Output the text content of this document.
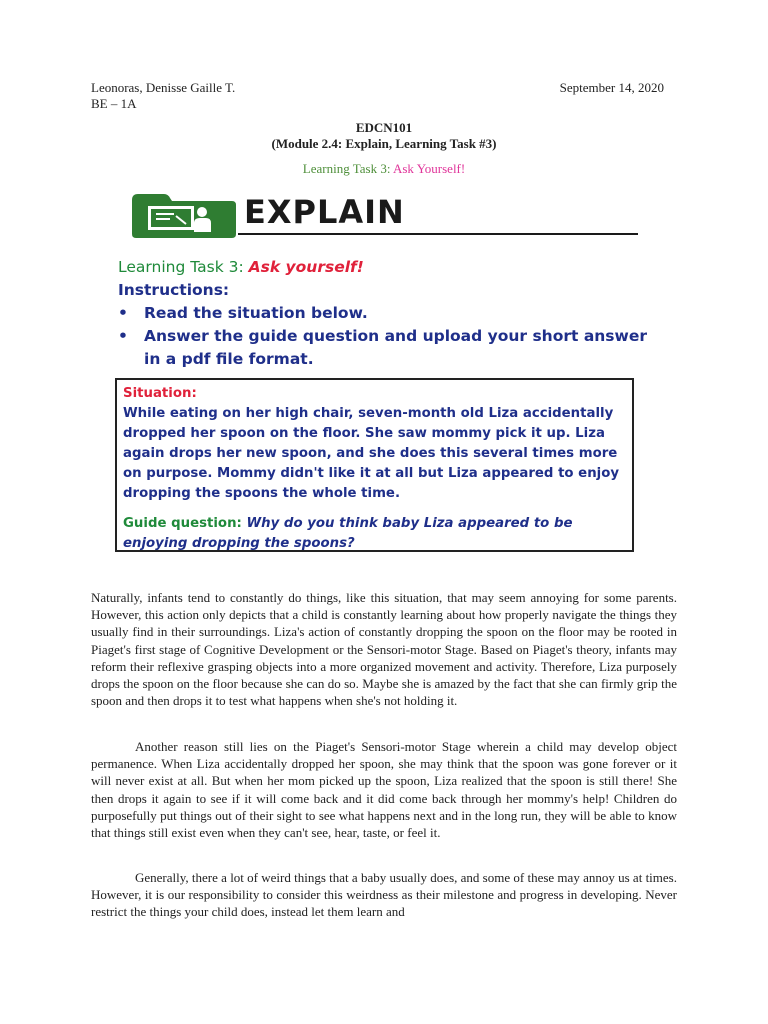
Leonoras, Denisse Gaille T.	September 14, 2020
BE – 1A
EDCN101
(Module 2.4: Explain, Learning Task #3)
Learning Task 3: Ask Yourself!
EXPLAIN
Learning Task 3: Ask yourself!
Instructions:
• Read the situation below.
• Answer the guide question and upload your short answer in a pdf file format.
Situation:
While eating on her high chair, seven-month old Liza accidentally dropped her spoon on the floor. She saw mommy pick it up. Liza again drops her new spoon, and she does this several times more on purpose. Mommy didn't like it at all but Liza appeared to enjoy dropping the spoons the whole time.
Guide question: Why do you think baby Liza appeared to be enjoying dropping the spoons?
Naturally, infants tend to constantly do things, like this situation, that may seem annoying for some parents. However, this action only depicts that a child is constantly learning about how properly navigate the things they usually find in their surroundings. Liza's action of constantly dropping the spoon on the floor may be rooted in Piaget's first stage of Cognitive Development or the Sensori-motor Stage. Based on Piaget's theory, infants may reform their reflexive grasping objects into a more organized movement and activity. Therefore, Liza purposely drops the spoon on the floor because she can do so. Maybe she is amazed by the fact that she can firmly grip the spoon and then drops it to test what happens when she's not holding it.
Another reason still lies on the Piaget's Sensori-motor Stage wherein a child may develop object permanence. When Liza accidentally dropped her spoon, she may think that the spoon was gone forever or it will never exist at all. But when her mom picked up the spoon, Liza realized that the spoon is still there! She then drops it again to see if it will come back and it did come back through her mommy's help! Children do purposefully put things out of their sight to see what happens next and in the long run, they will be able to know that things still exist even when they can't see, hear, taste, or feel it.
Generally, there a lot of weird things that a baby usually does, and some of these may annoy us at times. However, it is our responsibility to consider this weirdness as their milestone and progress in developing. Never restrict the things your child does, instead let them learn and
